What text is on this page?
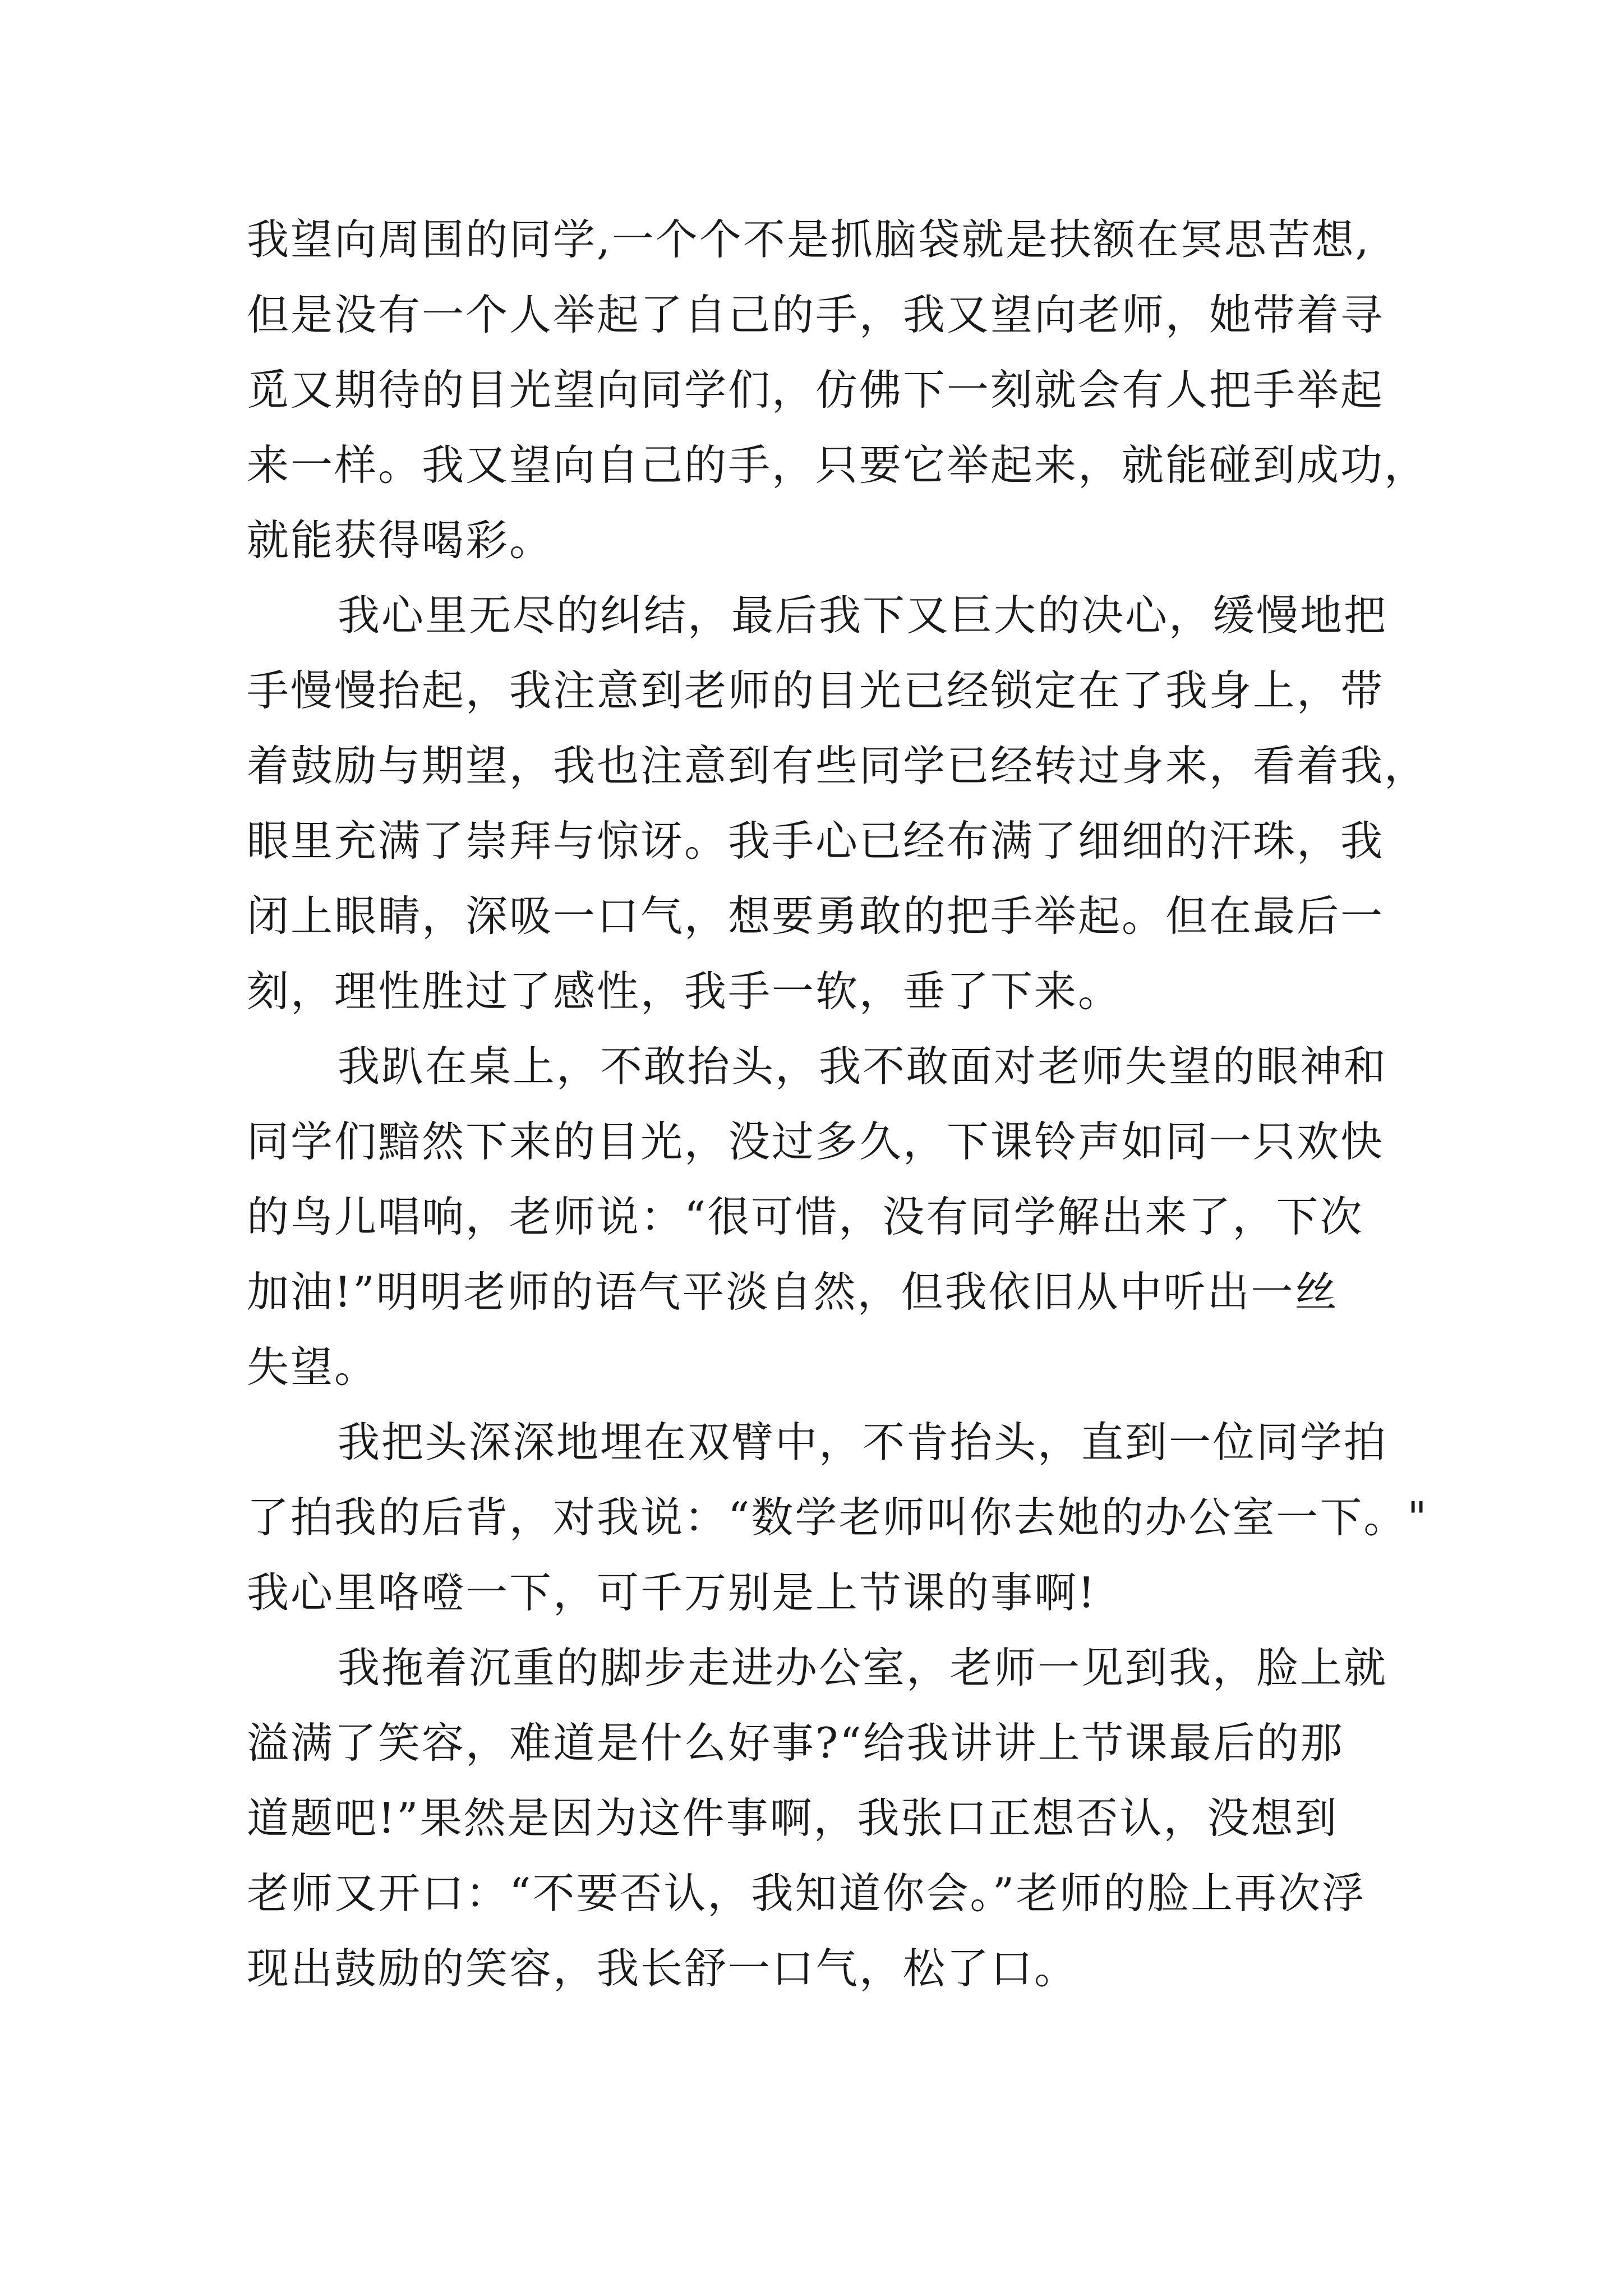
我望向周围的同学,一个个不是抓脑袋就是扶额在冥思苦想,
但是没有一个人举起了自己的手，我又望向老师，她带着寻
觅又期待的目光望向同学们，仿佛下一刻就会有人把手举起
来一样。我又望向自己的手，只要它举起来，就能碰到成功，
就能获得喝彩。
我心里无尽的纠结，最后我下又巨大的决心，缓慢地把
手慢慢抬起，我注意到老师的目光已经锁定在了我身上，带
着鼓励与期望，我也注意到有些同学已经转过身来，看着我，
眼里充满了崇拜与惊讶。我手心已经布满了细细的汗珠，我
闭上眼睛，深吸一口气，想要勇敢的把手举起。但在最后一
刻，理性胜过了感性，我手一软，垂了下来。
我趴在桌上，不敢抬头，我不敢面对老师失望的眼神和
同学们黯然下来的目光，没过多久，下课铃声如同一只欢快
的鸟儿唱响，老师说：“很可惜，没有同学解出来了，下次
加油!”明明老师的语气平淡自然，但我依旧从中听出一丝
失望。
我把头深深地埋在双臂中，不肯抬头，直到一位同学拍
了拍我的后背，对我说：“数学老师叫你去她的办公室一下。"
我心里咯噔一下，可千万别是上节课的事啊!
我拖着沉重的脚步走进办公室，老师一见到我，脸上就
溢满了笑容，难道是什么好事?“给我讲讲上节课最后的那
道题吧!”果然是因为这件事啊，我张口正想否认，没想到
老师又开口：“不要否认，我知道你会。”老师的脸上再次浮
现出鼓励的笑容，我长舒一口气，松了口。
